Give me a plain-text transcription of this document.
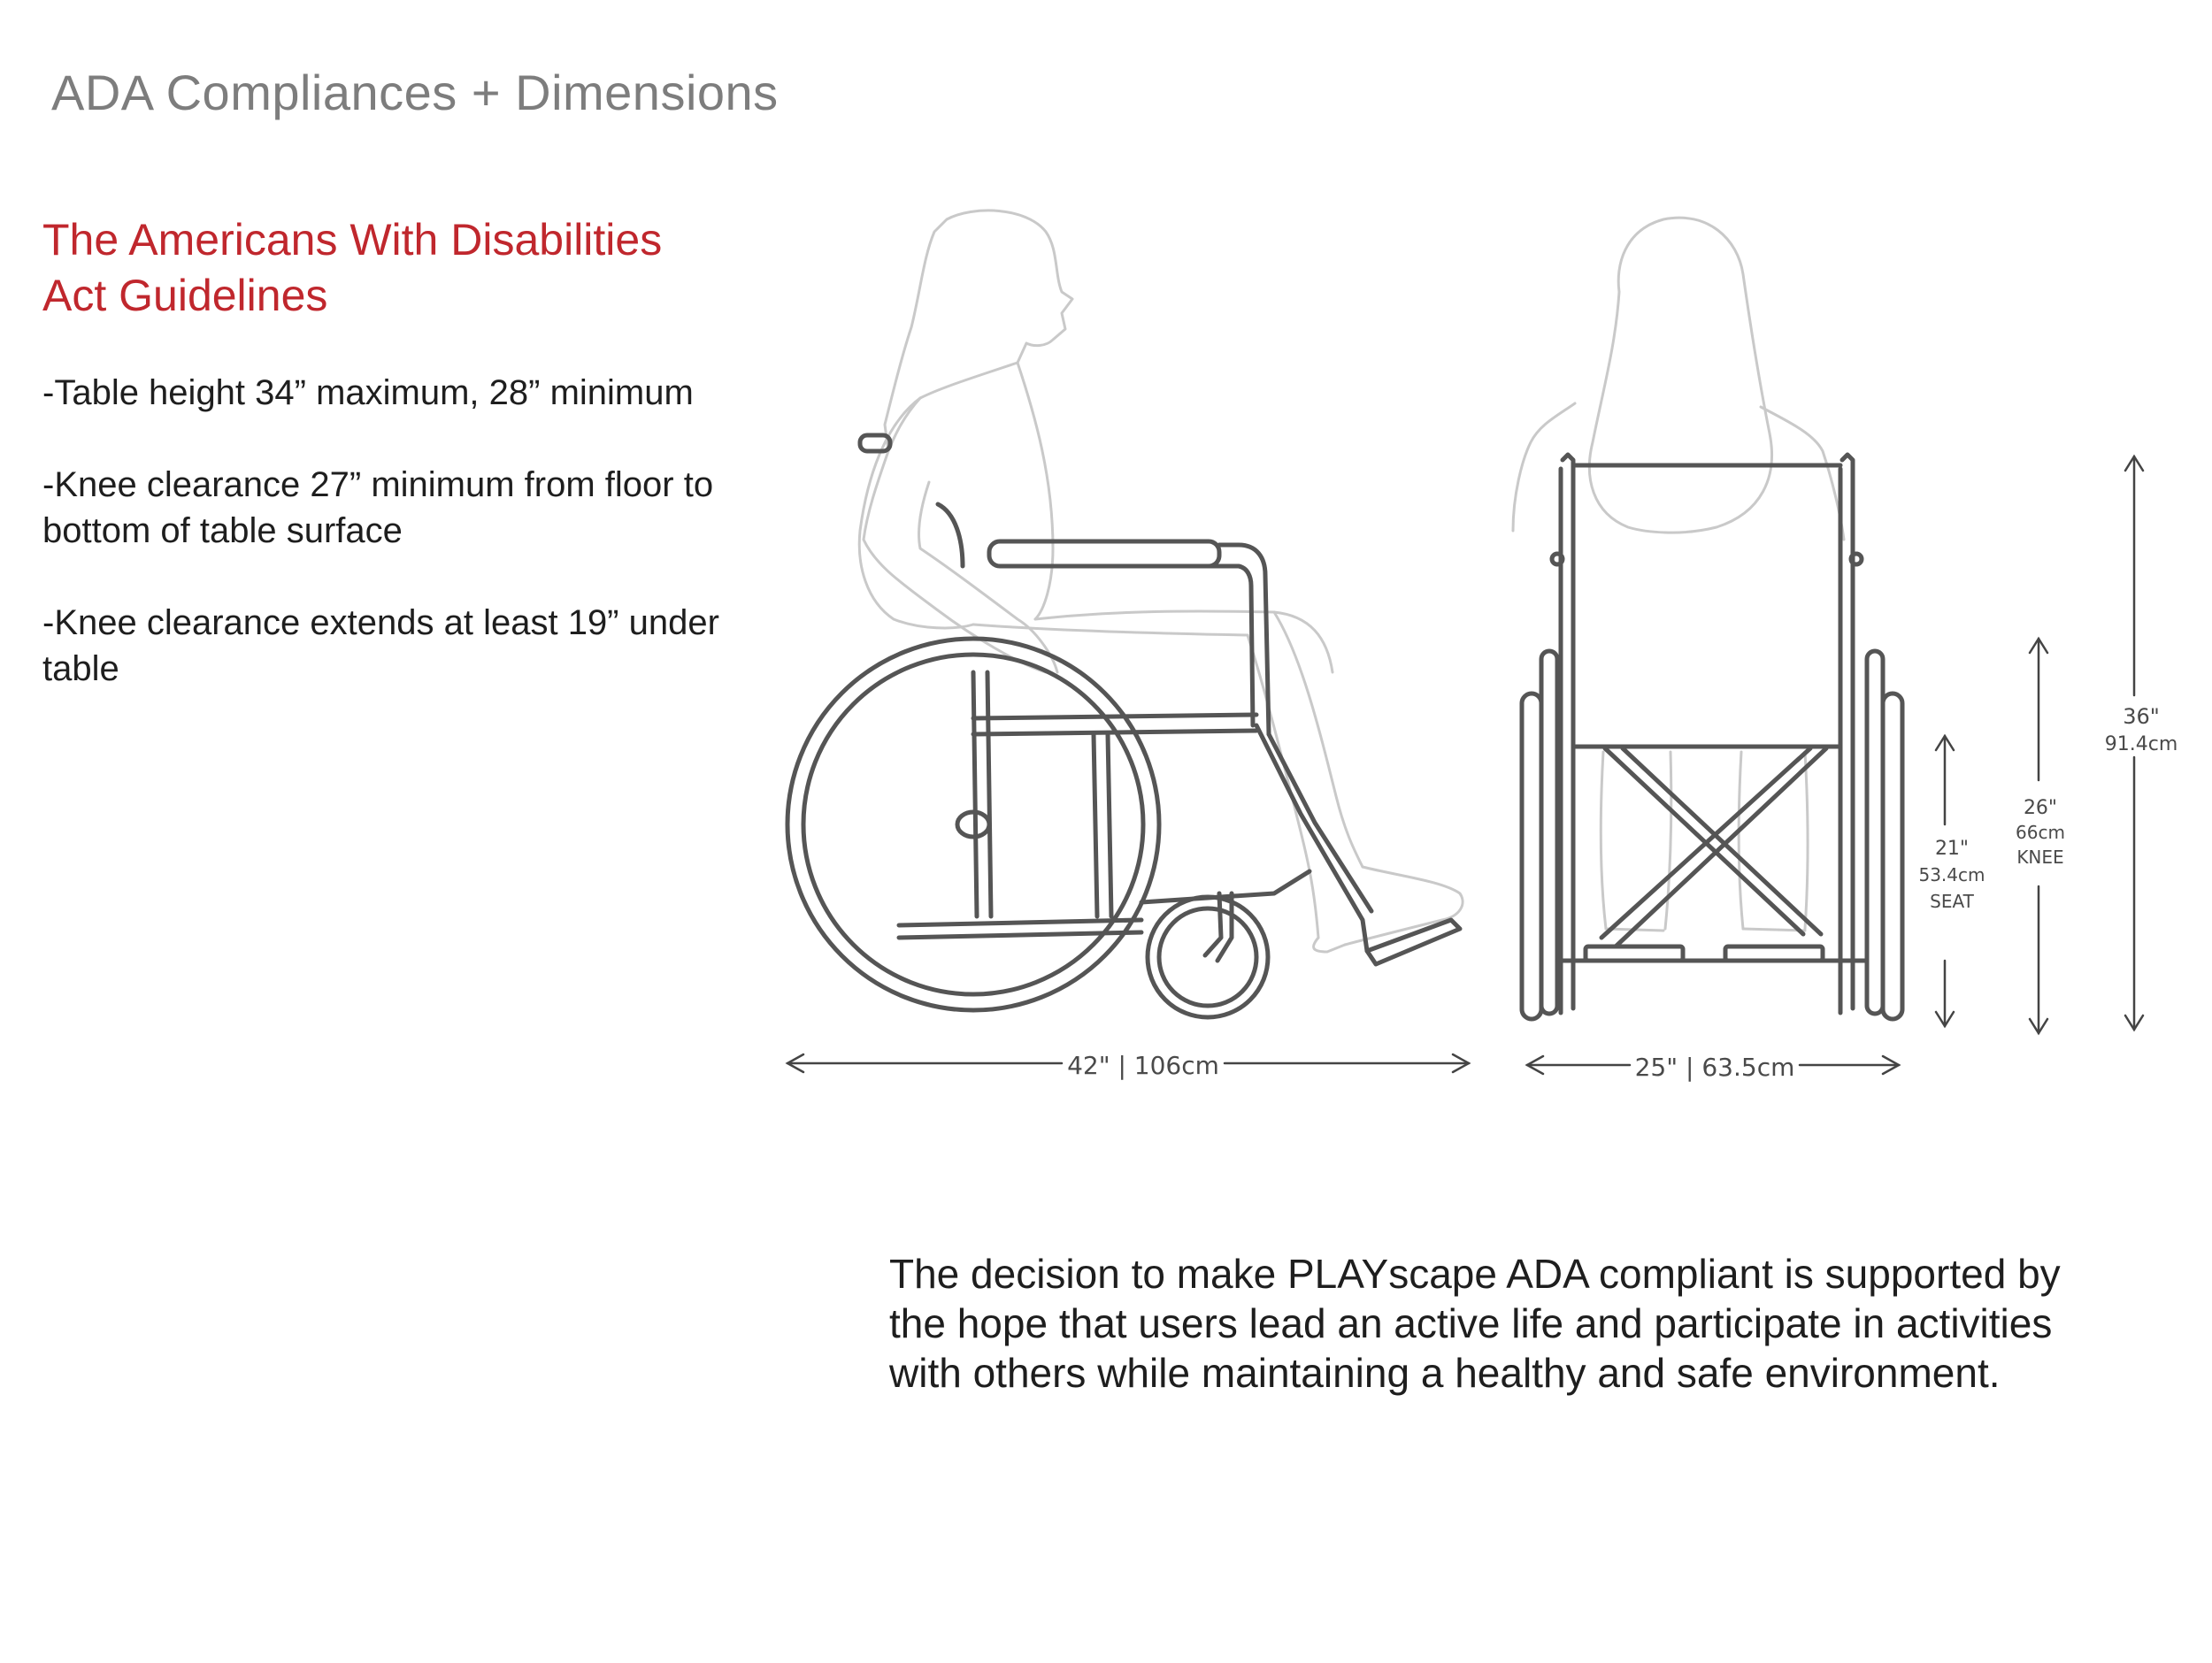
ADA Compliances + Dimensions
The Americans With Disabilities
Act Guidelines

-Table height 34” maximum, 28” minimum

-Knee clearance 27” minimum from floor to bottom of table surface

-Knee clearance extends at least 19” under table

42" | 106cm	25" | 63.5cm
21"
53.4cm
SEAT
26"
66cm
KNEE
36"
91.4cm
The decision to make PLAYscape ADA compliant is supported by the hope that users lead an active life and participate in activities with others while maintaining a healthy and safe environment.
